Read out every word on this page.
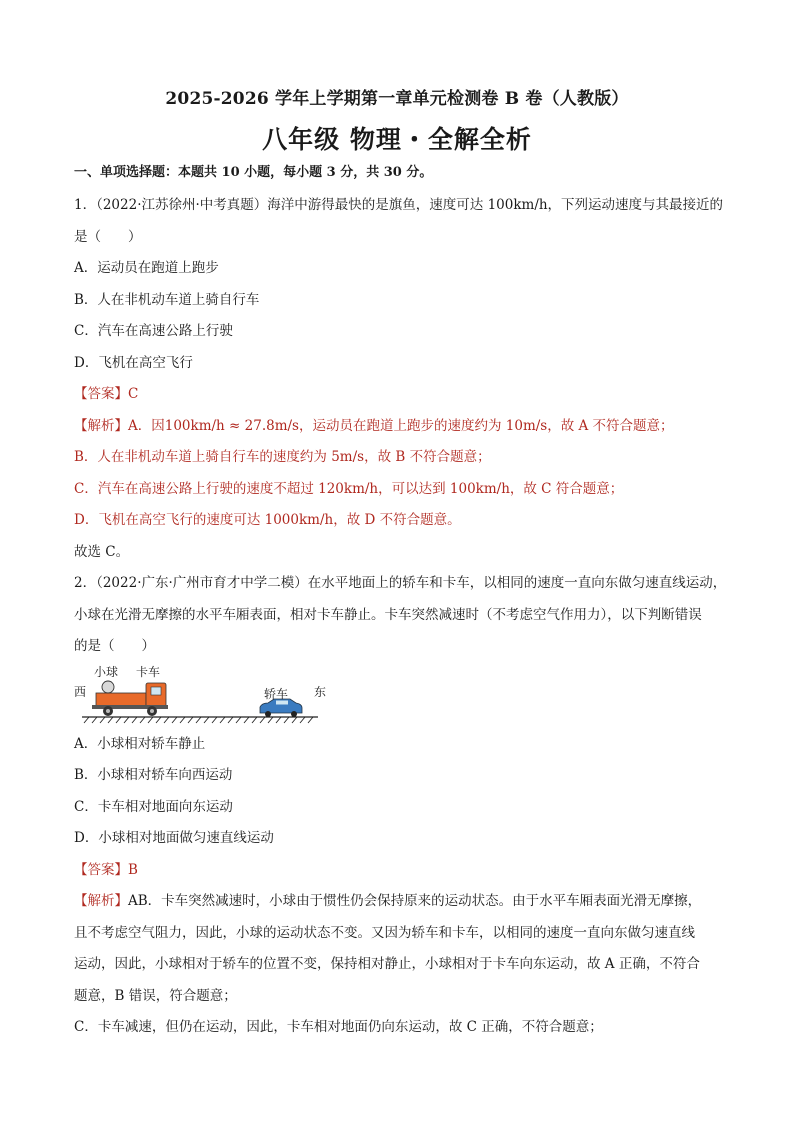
2025-2026 学年上学期第一章单元检测卷 B 卷（人教版）
八年级 物理・全解全析
一、单项选择题：本题共 10 小题，每小题 3 分，共 30 分。
1．（2022·江苏徐州·中考真题）海洋中游得最快的是旗鱼，速度可达 100km/h，下列运动速度与其最接近的
是（　　）
A．运动员在跑道上跑步
B．人在非机动车道上骑自行车
C．汽车在高速公路上行驶
D．飞机在高空飞行
【答案】C
【解析】A．因100km/h ≈ 27.8m/s，运动员在跑道上跑步的速度约为 10m/s，故 A 不符合题意；
B．人在非机动车道上骑自行车的速度约为 5m/s，故 B 不符合题意；
C．汽车在高速公路上行驶的速度不超过 120km/h，可以达到 100km/h，故 C 符合题意；
D．飞机在高空飞行的速度可达 1000km/h，故 D 不符合题意。
故选 C。
2．（2022·广东·广州市育才中学二模）在水平地面上的轿车和卡车，以相同的速度一直向东做匀速直线运动，
小球在光滑无摩擦的水平车厢表面，相对卡车静止。卡车突然减速时（不考虑空气作用力），以下判断错误
的是（　　）
西
小球 卡车
轿车 东
A．小球相对轿车静止
B．小球相对轿车向西运动
C．卡车相对地面向东运动
D．小球相对地面做匀速直线运动
【答案】B
【解析】AB．卡车突然减速时，小球由于惯性仍会保持原来的运动状态。由于水平车厢表面光滑无摩擦，
且不考虑空气阻力，因此，小球的运动状态不变。又因为轿车和卡车，以相同的速度一直向东做匀速直线
运动，因此，小球相对于轿车的位置不变，保持相对静止，小球相对于卡车向东运动，故 A 正确，不符合
题意，B 错误，符合题意；
C．卡车减速，但仍在运动，因此，卡车相对地面仍向东运动，故 C 正确，不符合题意；
